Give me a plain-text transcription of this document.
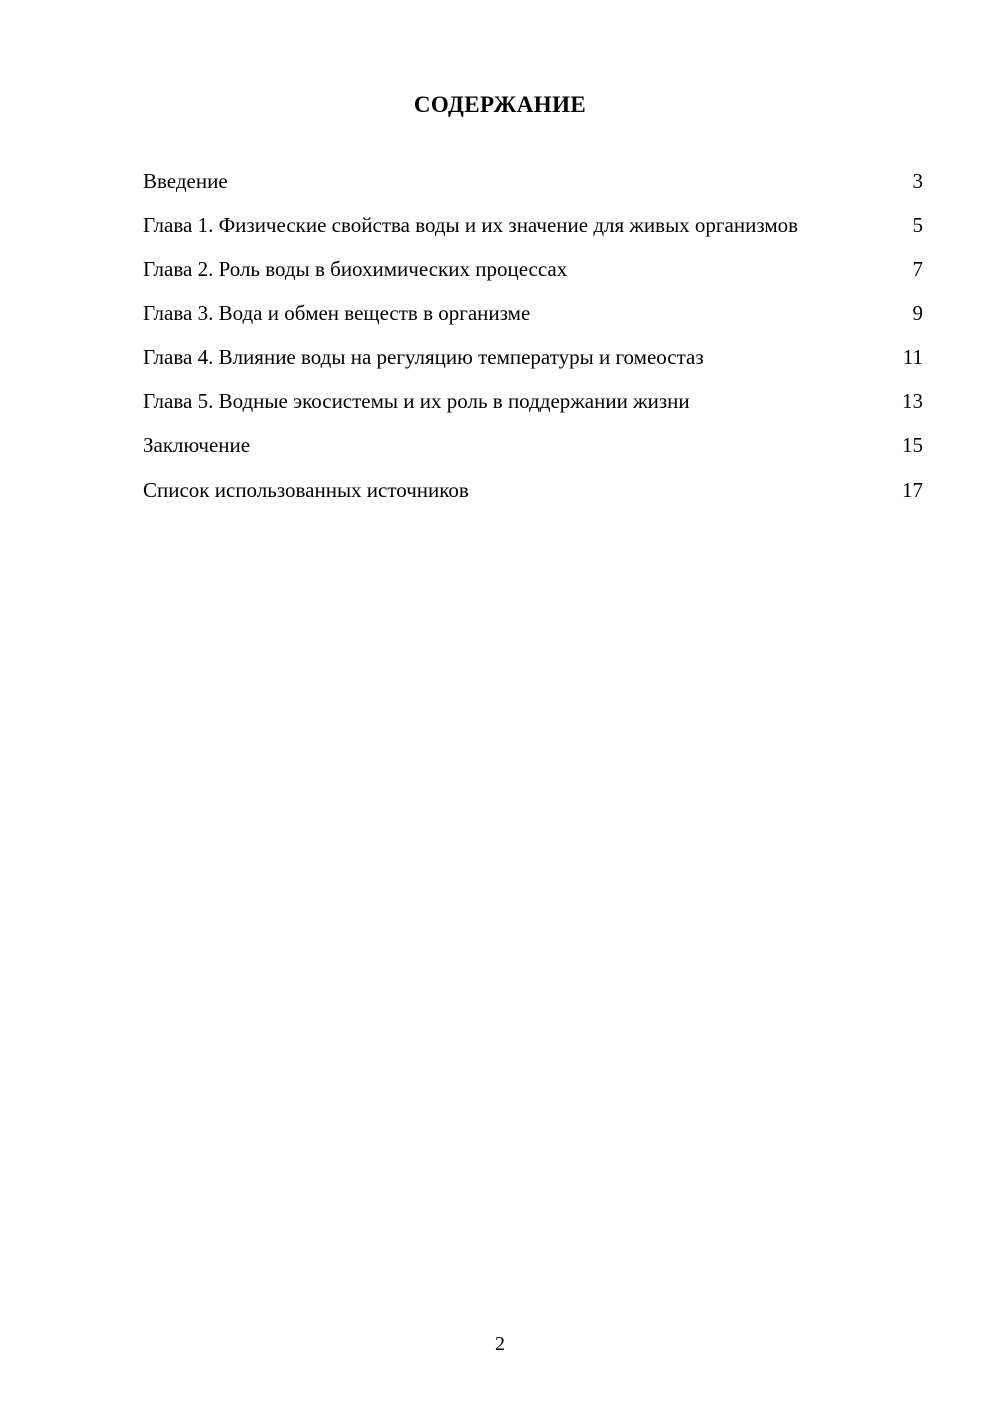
СОДЕРЖАНИЕ
Введение	3
Глава 1. Физические свойства воды и их значение для живых организмов	5
Глава 2. Роль воды в биохимических процессах	7
Глава 3. Вода и обмен веществ в организме	9
Глава 4. Влияние воды на регуляцию температуры и гомеостаз	11
Глава 5. Водные экосистемы и их роль в поддержании жизни	13
Заключение	15
Список использованных источников	17
2
